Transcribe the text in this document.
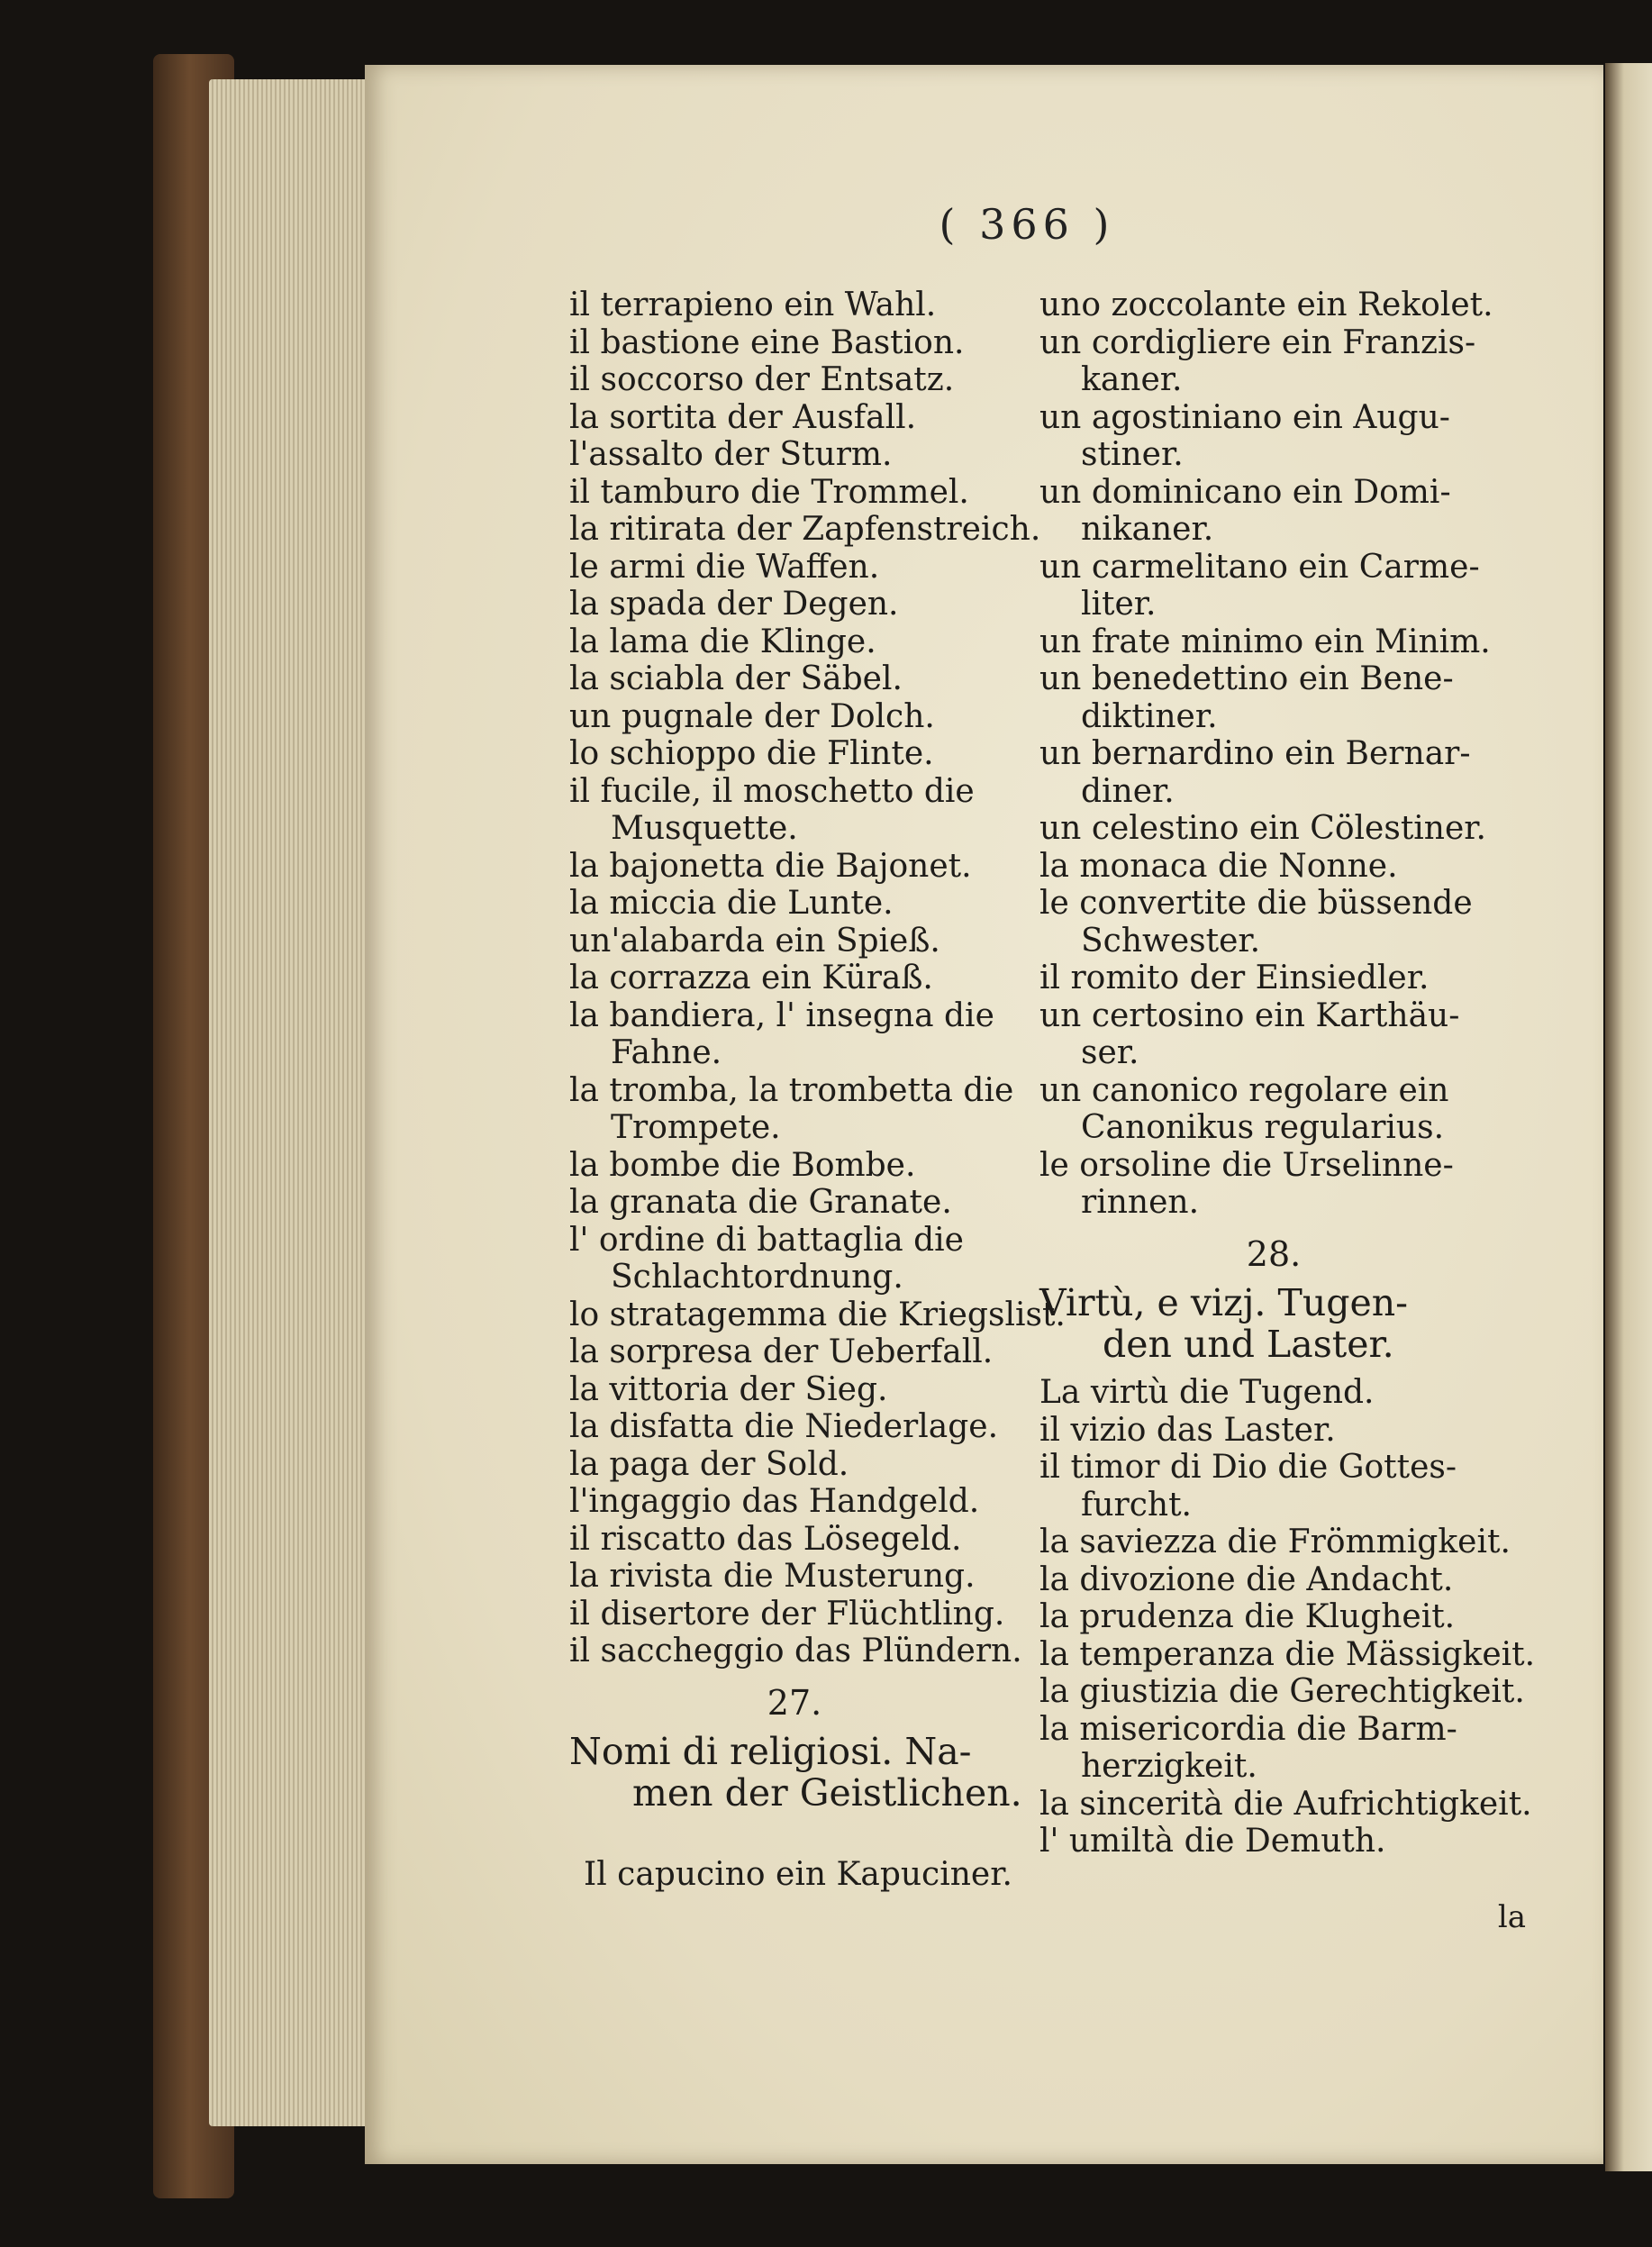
( 366 )

il terrapieno ein Wahl.
il bastione eine Bastion.
il soccorso der Entsatz.
la sortita der Ausfall.
l'assalto der Sturm.
il tamburo die Trommel.
la ritirata der Zapfenstreich.
le armi die Waffen.
la spada der Degen.
la lama die Klinge.
la sciabla der Säbel.
un pugnale der Dolch.
lo schioppo die Flinte.
il fucile, il moschetto die
Musquette.
la bajonetta die Bajonet.
la miccia die Lunte.
un'alabarda ein Spieß.
la corrazza ein Küraß.
la bandiera, l' insegna die
Fahne.
la tromba, la trombetta die
Trompete.
la bombe die Bombe.
la granata die Granate.
l' ordine di battaglia die
Schlachtordnung.
lo stratagemma die Kriegslist.
la sorpresa der Ueberfall.
la vittoria der Sieg.
la disfatta die Niederlage.
la paga der Sold.
l'ingaggio das Handgeld.
il riscatto das Lösegeld.
la rivista die Musterung.
il disertore der Flüchtling.
il saccheggio das Plündern.
27.
Nomi di religiosi. Na-
men der Geistlichen.
Il capucino ein Kapuciner.
uno zoccolante ein Rekolet.
un cordigliere ein Franzis-
kaner.
un agostiniano ein Augu-
stiner.
un dominicano ein Domi-
nikaner.
un carmelitano ein Carme-
liter.
un frate minimo ein Minim.
un benedettino ein Bene-
diktiner.
un bernardino ein Bernar-
diner.
un celestino ein Cölestiner.
la monaca die Nonne.
le convertite die büssende
Schwester.
il romito der Einsiedler.
un certosino ein Karthäu-
ser.
un canonico regolare ein
Canonikus regularius.
le orsoline die Urselinne-
rinnen.
28.
Virtù, e vizj. Tugen-
den und Laster.
La virtù die Tugend.
il vizio das Laster.
il timor di Dio die Gottes-
furcht.
la saviezza die Frömmigkeit.
la divozione die Andacht.
la prudenza die Klugheit.
la temperanza die Mässigkeit.
la giustizia die Gerechtigkeit.
la misericordia die Barm-
herzigkeit.
la sincerità die Aufrichtigkeit.
l' umiltà die Demuth.
la
